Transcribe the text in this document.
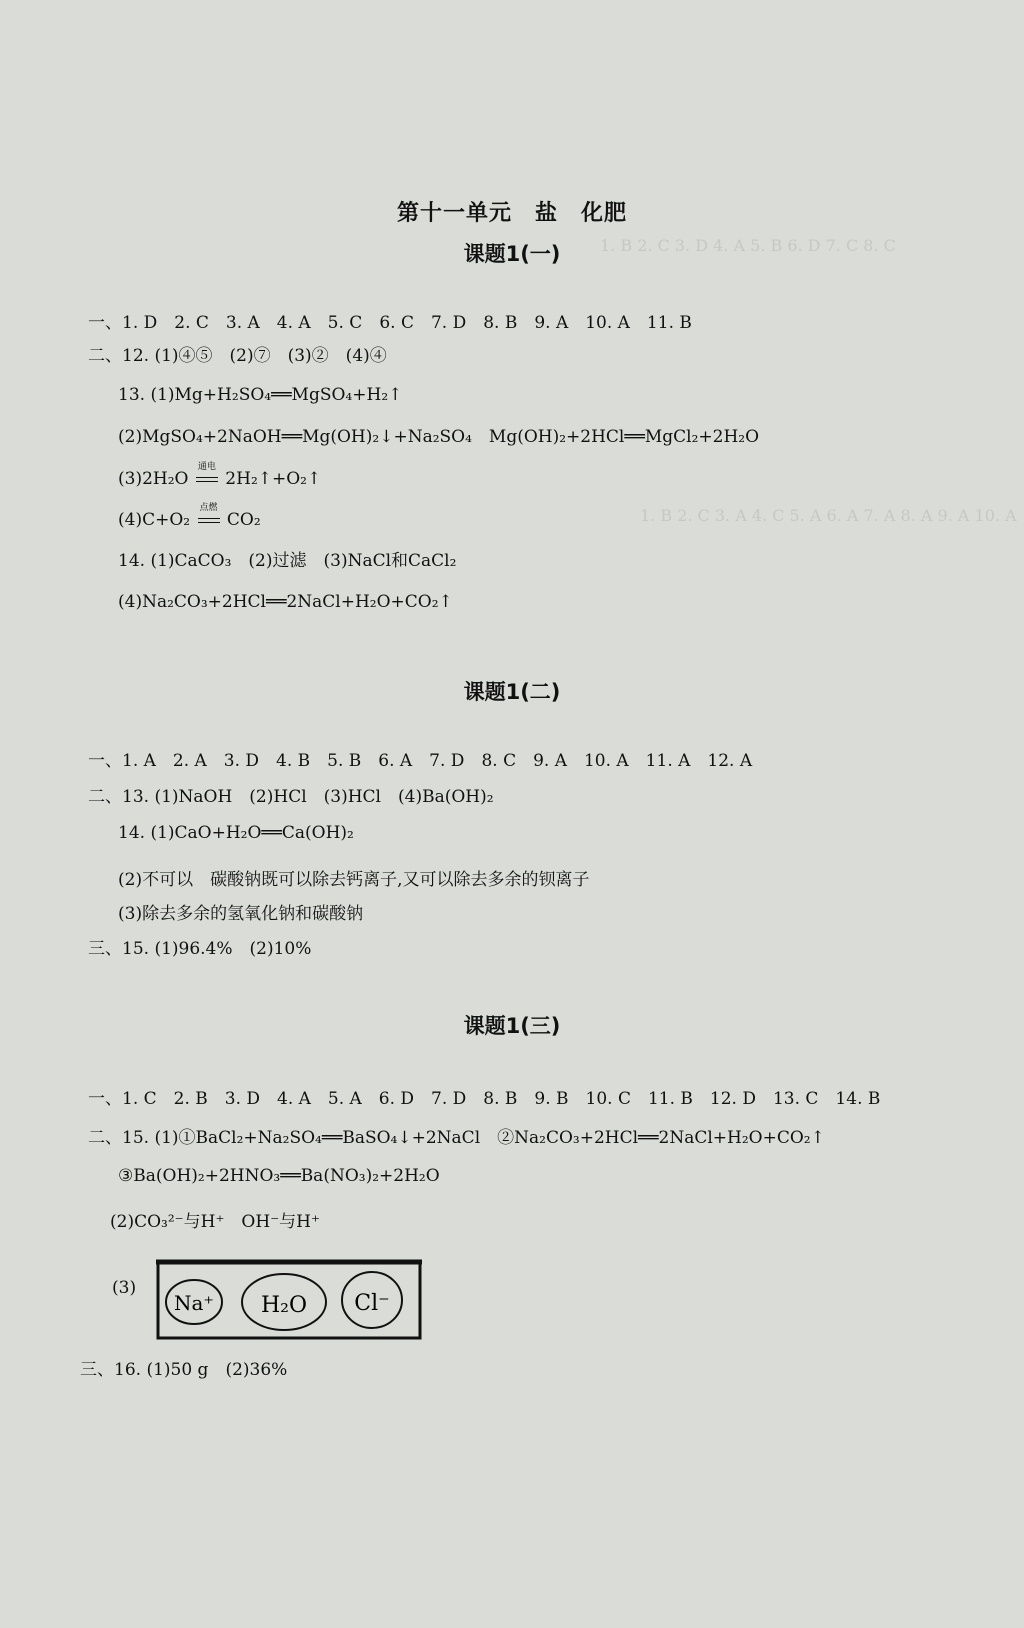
1. B 2. C 3. D 4. A 5. B 6. D 7. C 8. C
1. B 2. C 3. A 4. C 5. A 6. A 7. A 8. A 9. A 10. A
第十一单元　盐　化肥
课题1(一)
一、1. D　2. C　3. A　4. A　5. C　6. C　7. D　8. B　9. A　10. A　11. B
二、12. (1)④⑤　(2)⑦　(3)②　(4)④
13. (1)Mg+H₂SO₄══MgSO₄+H₂↑
(2)MgSO₄+2NaOH══Mg(OH)₂↓+Na₂SO₄　Mg(OH)₂+2HCl══MgCl₂+2H₂O
(3)2H₂O
通电
2H₂↑+O₂↑
(4)C+O₂
点燃
CO₂
14. (1)CaCO₃　(2)过滤　(3)NaCl和CaCl₂
(4)Na₂CO₃+2HCl══2NaCl+H₂O+CO₂↑
课题1(二)
一、1. A　2. A　3. D　4. B　5. B　6. A　7. D　8. C　9. A　10. A　11. A　12. A
二、13. (1)NaOH　(2)HCl　(3)HCl　(4)Ba(OH)₂
14. (1)CaO+H₂O══Ca(OH)₂
(2)不可以　碳酸钠既可以除去钙离子,又可以除去多余的钡离子
(3)除去多余的氢氧化钠和碳酸钠
三、15. (1)96.4%　(2)10%
课题1(三)
一、1. C　2. B　3. D　4. A　5. A　6. D　7. D　8. B　9. B　10. C　11. B　12. D　13. C　14. B
二、15. (1)①BaCl₂+Na₂SO₄══BaSO₄↓+2NaCl　②Na₂CO₃+2HCl══2NaCl+H₂O+CO₂↑
③Ba(OH)₂+2HNO₃══Ba(NO₃)₂+2H₂O
(2)CO₃²⁻与H⁺　OH⁻与H⁺
(3)
Na⁺ H₂O Cl⁻
三、16. (1)50 g　(2)36%
